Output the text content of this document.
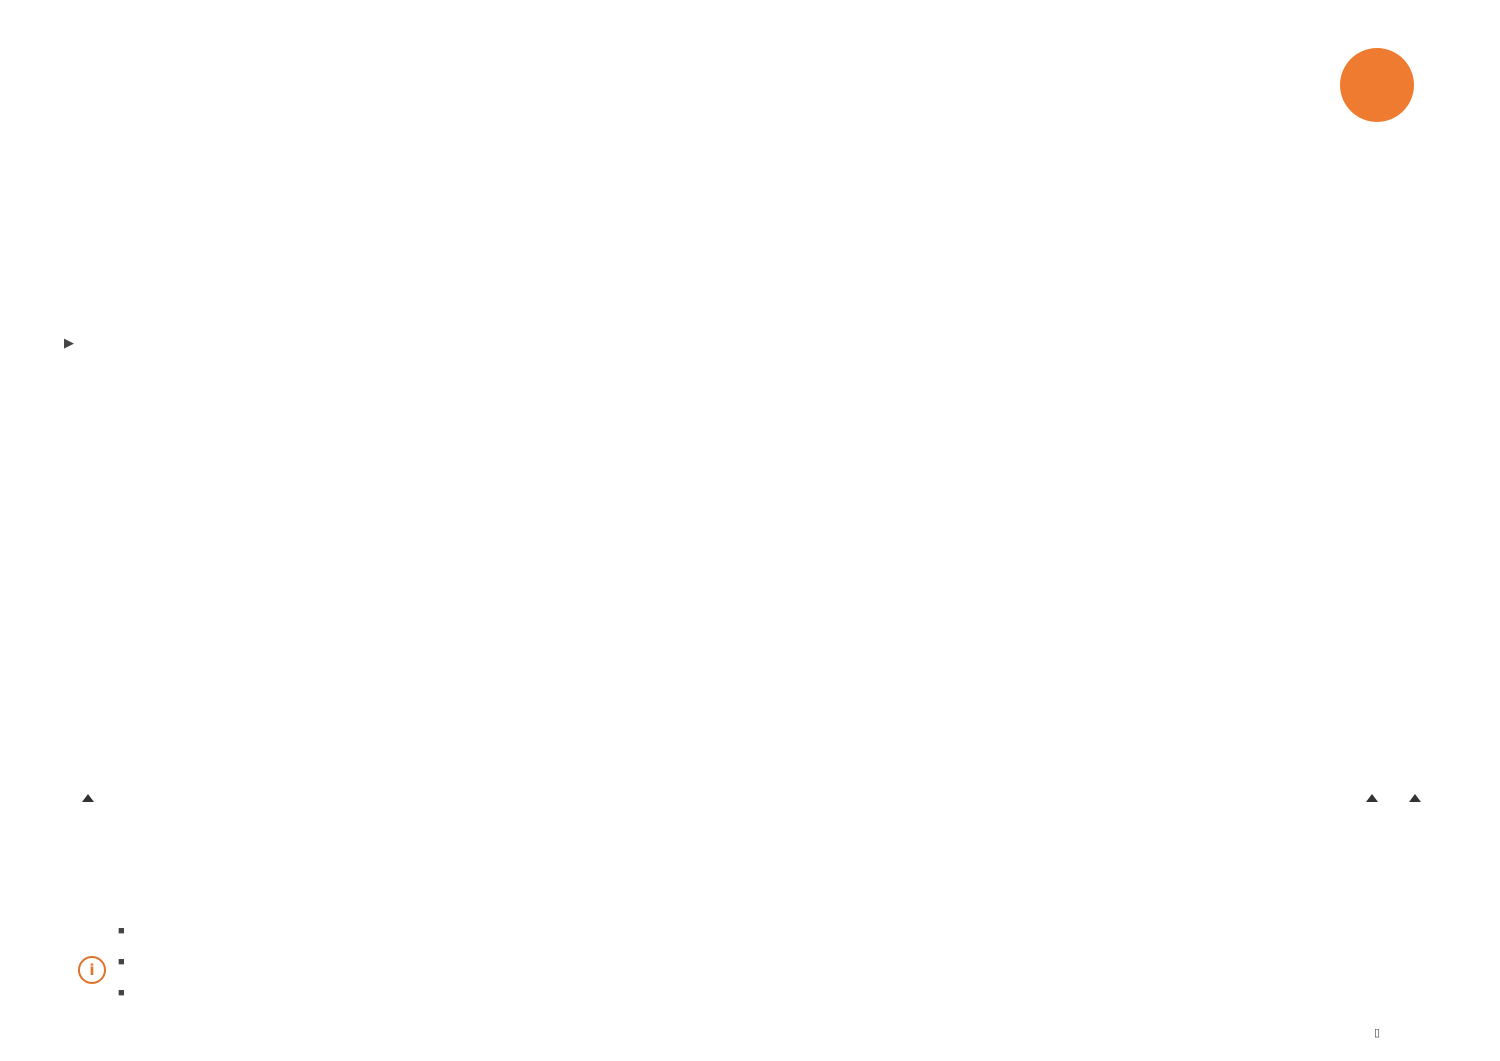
▶
i
■
■
■
▯
